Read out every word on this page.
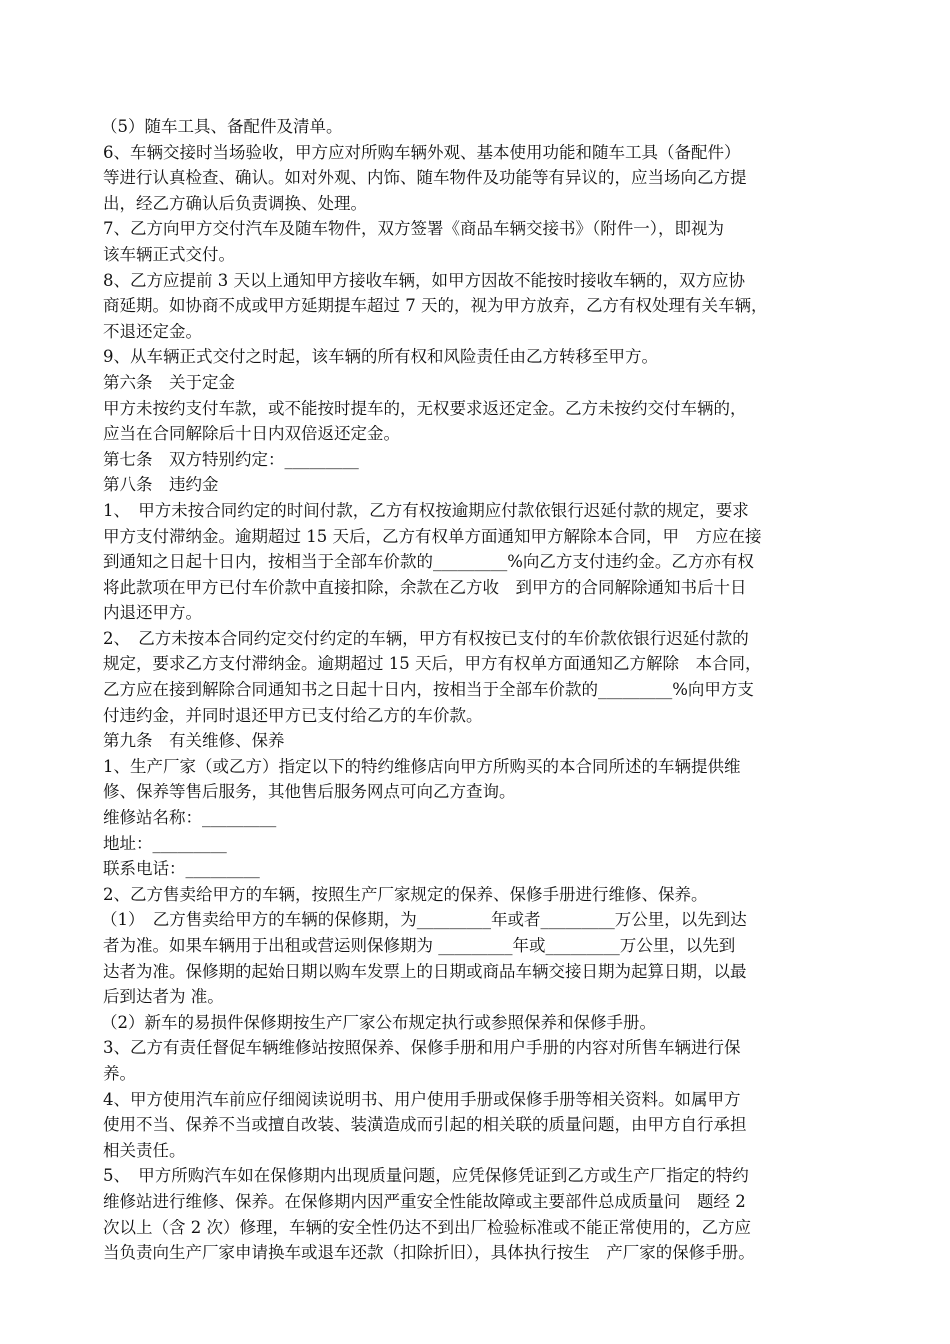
（5）随车工具、备配件及清单。
6、车辆交接时当场验收，甲方应对所购车辆外观、基本使用功能和随车工具（备配件）
等进行认真检查、确认。如对外观、内饰、随车物件及功能等有异议的，应当场向乙方提
出，经乙方确认后负责调换、处理。
7、乙方向甲方交付汽车及随车物件，双方签署《商品车辆交接书》（附件一），即视为
该车辆正式交付。
8、乙方应提前 3 天以上通知甲方接收车辆，如甲方因故不能按时接收车辆的，双方应协
商延期。如协商不成或甲方延期提车超过 7 天的，视为甲方放弃，乙方有权处理有关车辆，
不退还定金。
9、从车辆正式交付之时起，该车辆的所有权和风险责任由乙方转移至甲方。
第六条　关于定金
甲方未按约支付车款，或不能按时提车的，无权要求返还定金。乙方未按约交付车辆的，
应当在合同解除后十日内双倍返还定金。
第七条　双方特别约定：_________
第八条　违约金
1、　甲方未按合同约定的时间付款，乙方有权按逾期应付款依银行迟延付款的规定，要求
甲方支付滞纳金。逾期超过 15 天后，乙方有权单方面通知甲方解除本合同，甲　方应在接
到通知之日起十日内，按相当于全部车价款的_________%向乙方支付违约金。乙方亦有权
将此款项在甲方已付车价款中直接扣除，余款在乙方收　到甲方的合同解除通知书后十日
内退还甲方。
2、　乙方未按本合同约定交付约定的车辆，甲方有权按已支付的车价款依银行迟延付款的
规定，要求乙方支付滞纳金。逾期超过 15 天后，甲方有权单方面通知乙方解除　本合同，
乙方应在接到解除合同通知书之日起十日内，按相当于全部车价款的_________%向甲方支
付违约金，并同时退还甲方已支付给乙方的车价款。
第九条　有关维修、保养
1、生产厂家（或乙方）指定以下的特约维修店向甲方所购买的本合同所述的车辆提供维
修、保养等售后服务，其他售后服务网点可向乙方查询。
维修站名称：_________
地址：_________
联系电话：_________
2、乙方售卖给甲方的车辆，按照生产厂家规定的保养、保修手册进行维修、保养。
（1）　乙方售卖给甲方的车辆的保修期，为_________年或者_________万公里，以先到达
者为准。如果车辆用于出租或营运则保修期为 _________年或_________万公里，以先到
达者为准。保修期的起始日期以购车发票上的日期或商品车辆交接日期为起算日期，以最
后到达者为 准。
（2）新车的易损件保修期按生产厂家公布规定执行或参照保养和保修手册。
3、乙方有责任督促车辆维修站按照保养、保修手册和用户手册的内容对所售车辆进行保
养。
4、甲方使用汽车前应仔细阅读说明书、用户使用手册或保修手册等相关资料。如属甲方
使用不当、保养不当或擅自改装、装潢造成而引起的相关联的质量问题，由甲方自行承担
相关责任。
5、　甲方所购汽车如在保修期内出现质量问题，应凭保修凭证到乙方或生产厂指定的特约
维修站进行维修、保养。在保修期内因严重安全性能故障或主要部件总成质量问　题经 2
次以上（含 2 次）修理，车辆的安全性仍达不到出厂检验标准或不能正常使用的，乙方应
当负责向生产厂家申请换车或退车还款（扣除折旧），具体执行按生　产厂家的保修手册。
